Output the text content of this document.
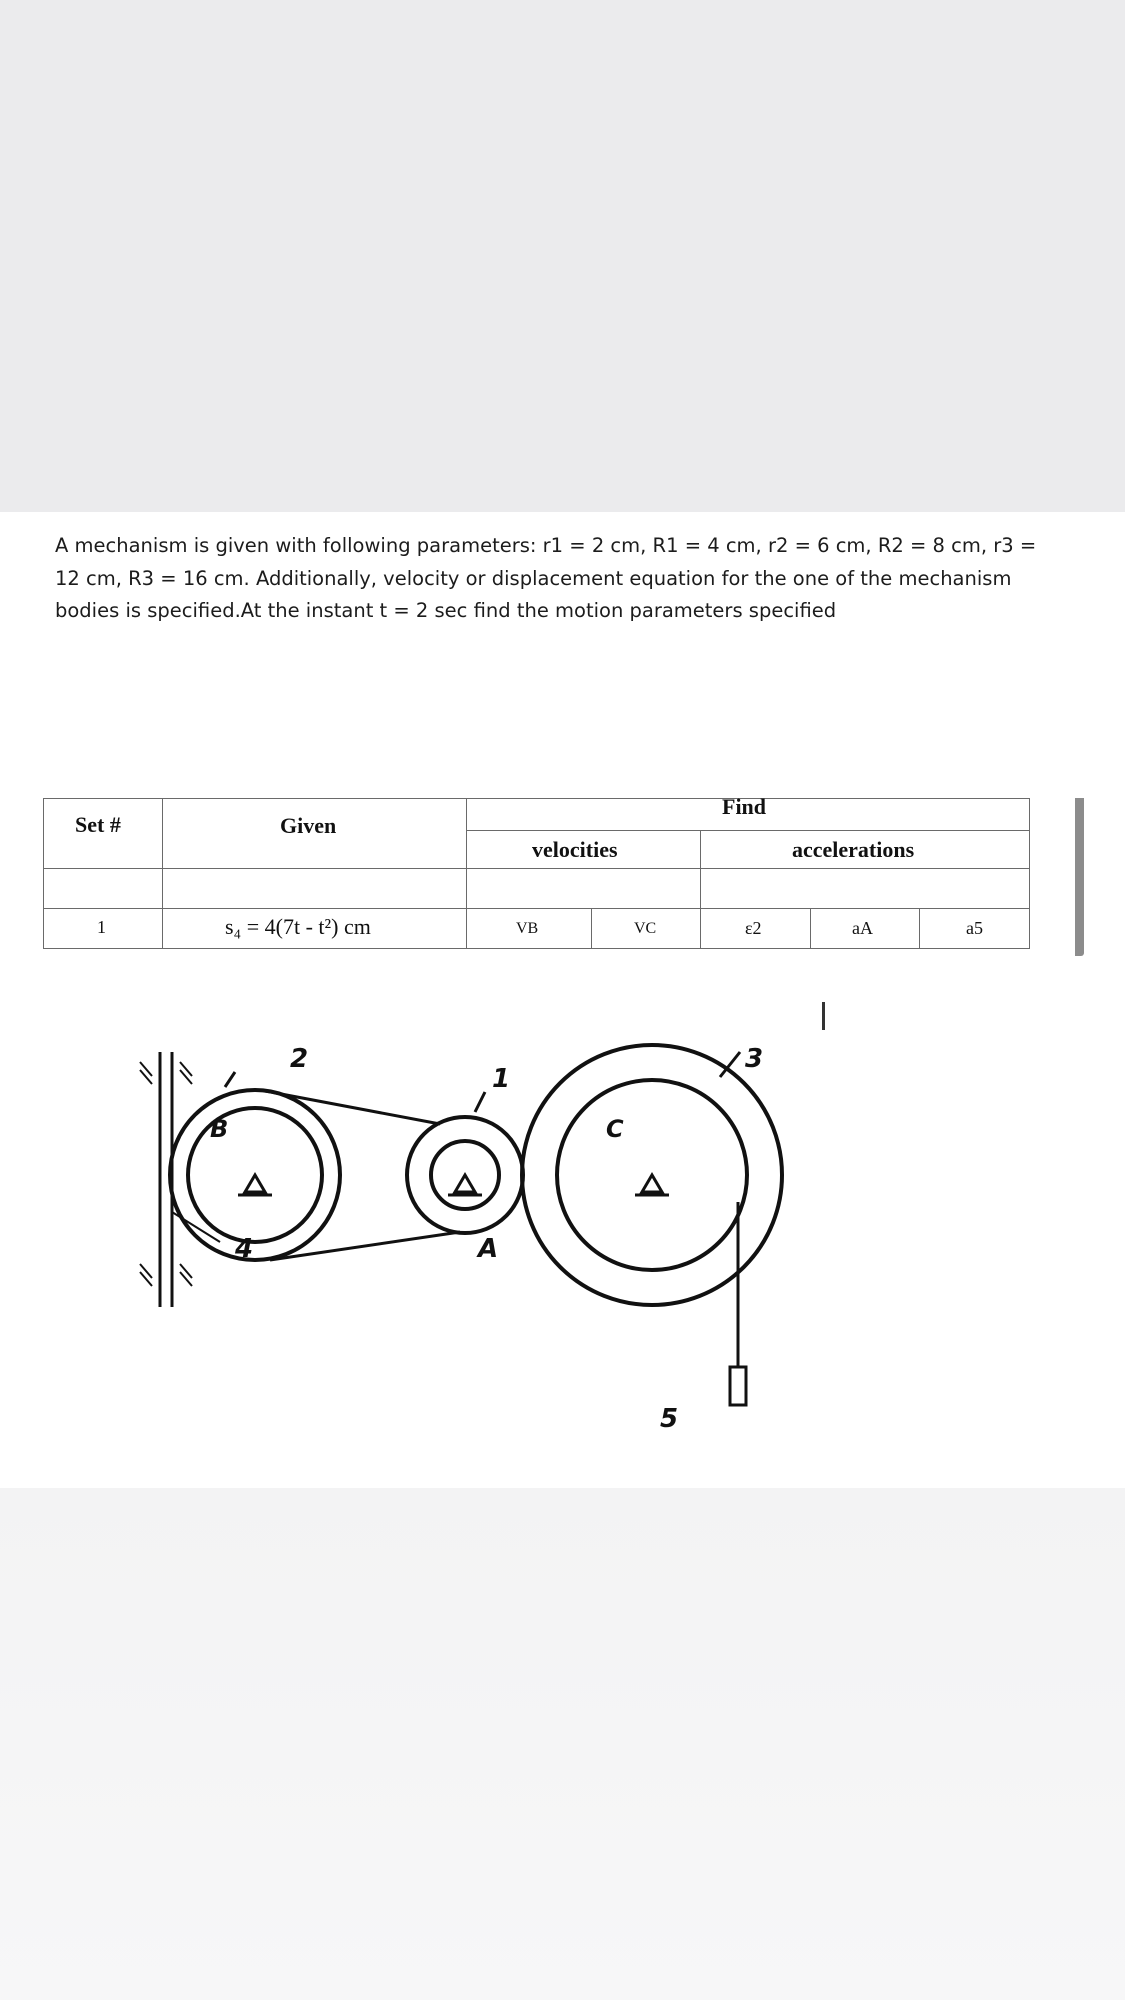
A mechanism is given with following parameters: r1 = 2 cm, R1 = 4 cm, r2 = 6 cm, R2 = 8 cm, r3 = 12 cm, R3 = 16 cm. Additionally, velocity or displacement equation for the one of the mechanism bodies is specified.At the instant t = 2 sec find the motion parameters specified

Set #	Given
Find
velocities	accelerations
1	s₄ = 4(7t - t²) cm	VB	VC	ε2	aA	a5
2
1
3
B	C
A
4
5
